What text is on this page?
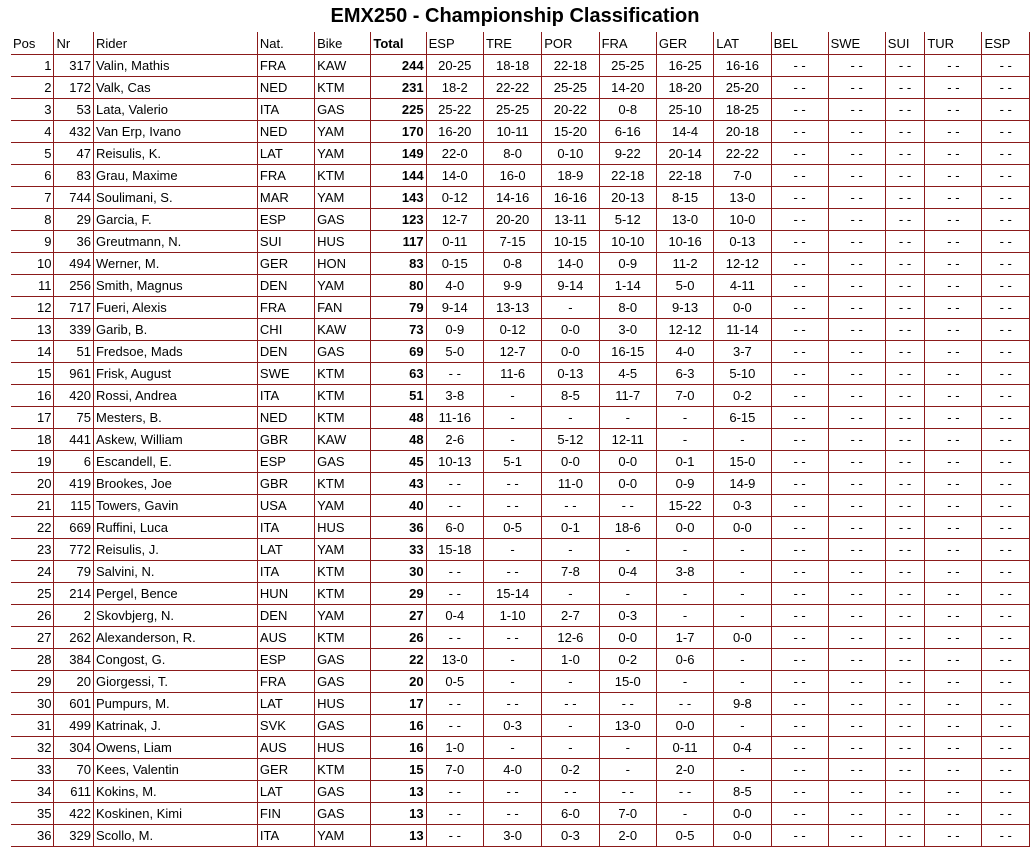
EMX250 - Championship Classification
Pos	Nr	Rider	Nat.	Bike	Total	ESP	TRE	POR	FRA	GER	LAT	BEL	SWE	SUI	TUR	ESP
1	317	Valin, Mathis	FRA	KAW	244	20-25	18-18	22-18	25-25	16-25	16-16	- -	- -	- -	- -	- -
2	172	Valk, Cas	NED	KTM	231	18-2	22-22	25-25	14-20	18-20	25-20	- -	- -	- -	- -	- -
3	53	Lata, Valerio	ITA	GAS	225	25-22	25-25	20-22	0-8	25-10	18-25	- -	- -	- -	- -	- -
4	432	Van Erp, Ivano	NED	YAM	170	16-20	10-11	15-20	6-16	14-4	20-18	- -	- -	- -	- -	- -
5	47	Reisulis, K.	LAT	YAM	149	22-0	8-0	0-10	9-22	20-14	22-22	- -	- -	- -	- -	- -
6	83	Grau, Maxime	FRA	KTM	144	14-0	16-0	18-9	22-18	22-18	7-0	- -	- -	- -	- -	- -
7	744	Soulimani, S.	MAR	YAM	143	0-12	14-16	16-16	20-13	8-15	13-0	- -	- -	- -	- -	- -
8	29	Garcia, F.	ESP	GAS	123	12-7	20-20	13-11	5-12	13-0	10-0	- -	- -	- -	- -	- -
9	36	Greutmann, N.	SUI	HUS	117	0-11	7-15	10-15	10-10	10-16	0-13	- -	- -	- -	- -	- -
10	494	Werner, M.	GER	HON	83	0-15	0-8	14-0	0-9	11-2	12-12	- -	- -	- -	- -	- -
11	256	Smith, Magnus	DEN	YAM	80	4-0	9-9	9-14	1-14	5-0	4-11	- -	- -	- -	- -	- -
12	717	Fueri, Alexis	FRA	FAN	79	9-14	13-13	-	8-0	9-13	0-0	- -	- -	- -	- -	- -
13	339	Garib, B.	CHI	KAW	73	0-9	0-12	0-0	3-0	12-12	11-14	- -	- -	- -	- -	- -
14	51	Fredsoe, Mads	DEN	GAS	69	5-0	12-7	0-0	16-15	4-0	3-7	- -	- -	- -	- -	- -
15	961	Frisk, August	SWE	KTM	63	- -	11-6	0-13	4-5	6-3	5-10	- -	- -	- -	- -	- -
16	420	Rossi, Andrea	ITA	KTM	51	3-8	-	8-5	11-7	7-0	0-2	- -	- -	- -	- -	- -
17	75	Mesters, B.	NED	KTM	48	11-16	-	-	-	-	6-15	- -	- -	- -	- -	- -
18	441	Askew, William	GBR	KAW	48	2-6	-	5-12	12-11	-	-	- -	- -	- -	- -	- -
19	6	Escandell, E.	ESP	GAS	45	10-13	5-1	0-0	0-0	0-1	15-0	- -	- -	- -	- -	- -
20	419	Brookes, Joe	GBR	KTM	43	- -	- -	11-0	0-0	0-9	14-9	- -	- -	- -	- -	- -
21	115	Towers, Gavin	USA	YAM	40	- -	- -	- -	- -	15-22	0-3	- -	- -	- -	- -	- -
22	669	Ruffini, Luca	ITA	HUS	36	6-0	0-5	0-1	18-6	0-0	0-0	- -	- -	- -	- -	- -
23	772	Reisulis, J.	LAT	YAM	33	15-18	-	-	-	-	-	- -	- -	- -	- -	- -
24	79	Salvini, N.	ITA	KTM	30	- -	- -	7-8	0-4	3-8	-	- -	- -	- -	- -	- -
25	214	Pergel, Bence	HUN	KTM	29	- -	15-14	-	-	-	-	- -	- -	- -	- -	- -
26	2	Skovbjerg, N.	DEN	YAM	27	0-4	1-10	2-7	0-3	-	-	- -	- -	- -	- -	- -
27	262	Alexanderson, R.	AUS	KTM	26	- -	- -	12-6	0-0	1-7	0-0	- -	- -	- -	- -	- -
28	384	Congost, G.	ESP	GAS	22	13-0	-	1-0	0-2	0-6	-	- -	- -	- -	- -	- -
29	20	Giorgessi, T.	FRA	GAS	20	0-5	-	-	15-0	-	-	- -	- -	- -	- -	- -
30	601	Pumpurs, M.	LAT	HUS	17	- -	- -	- -	- -	- -	9-8	- -	- -	- -	- -	- -
31	499	Katrinak, J.	SVK	GAS	16	- -	0-3	-	13-0	0-0	-	- -	- -	- -	- -	- -
32	304	Owens, Liam	AUS	HUS	16	1-0	-	-	-	0-11	0-4	- -	- -	- -	- -	- -
33	70	Kees, Valentin	GER	KTM	15	7-0	4-0	0-2	-	2-0	-	- -	- -	- -	- -	- -
34	611	Kokins, M.	LAT	GAS	13	- -	- -	- -	- -	- -	8-5	- -	- -	- -	- -	- -
35	422	Koskinen, Kimi	FIN	GAS	13	- -	- -	6-0	7-0	-	0-0	- -	- -	- -	- -	- -
36	329	Scollo, M.	ITA	YAM	13	- -	3-0	0-3	2-0	0-5	0-0	- -	- -	- -	- -	- -
